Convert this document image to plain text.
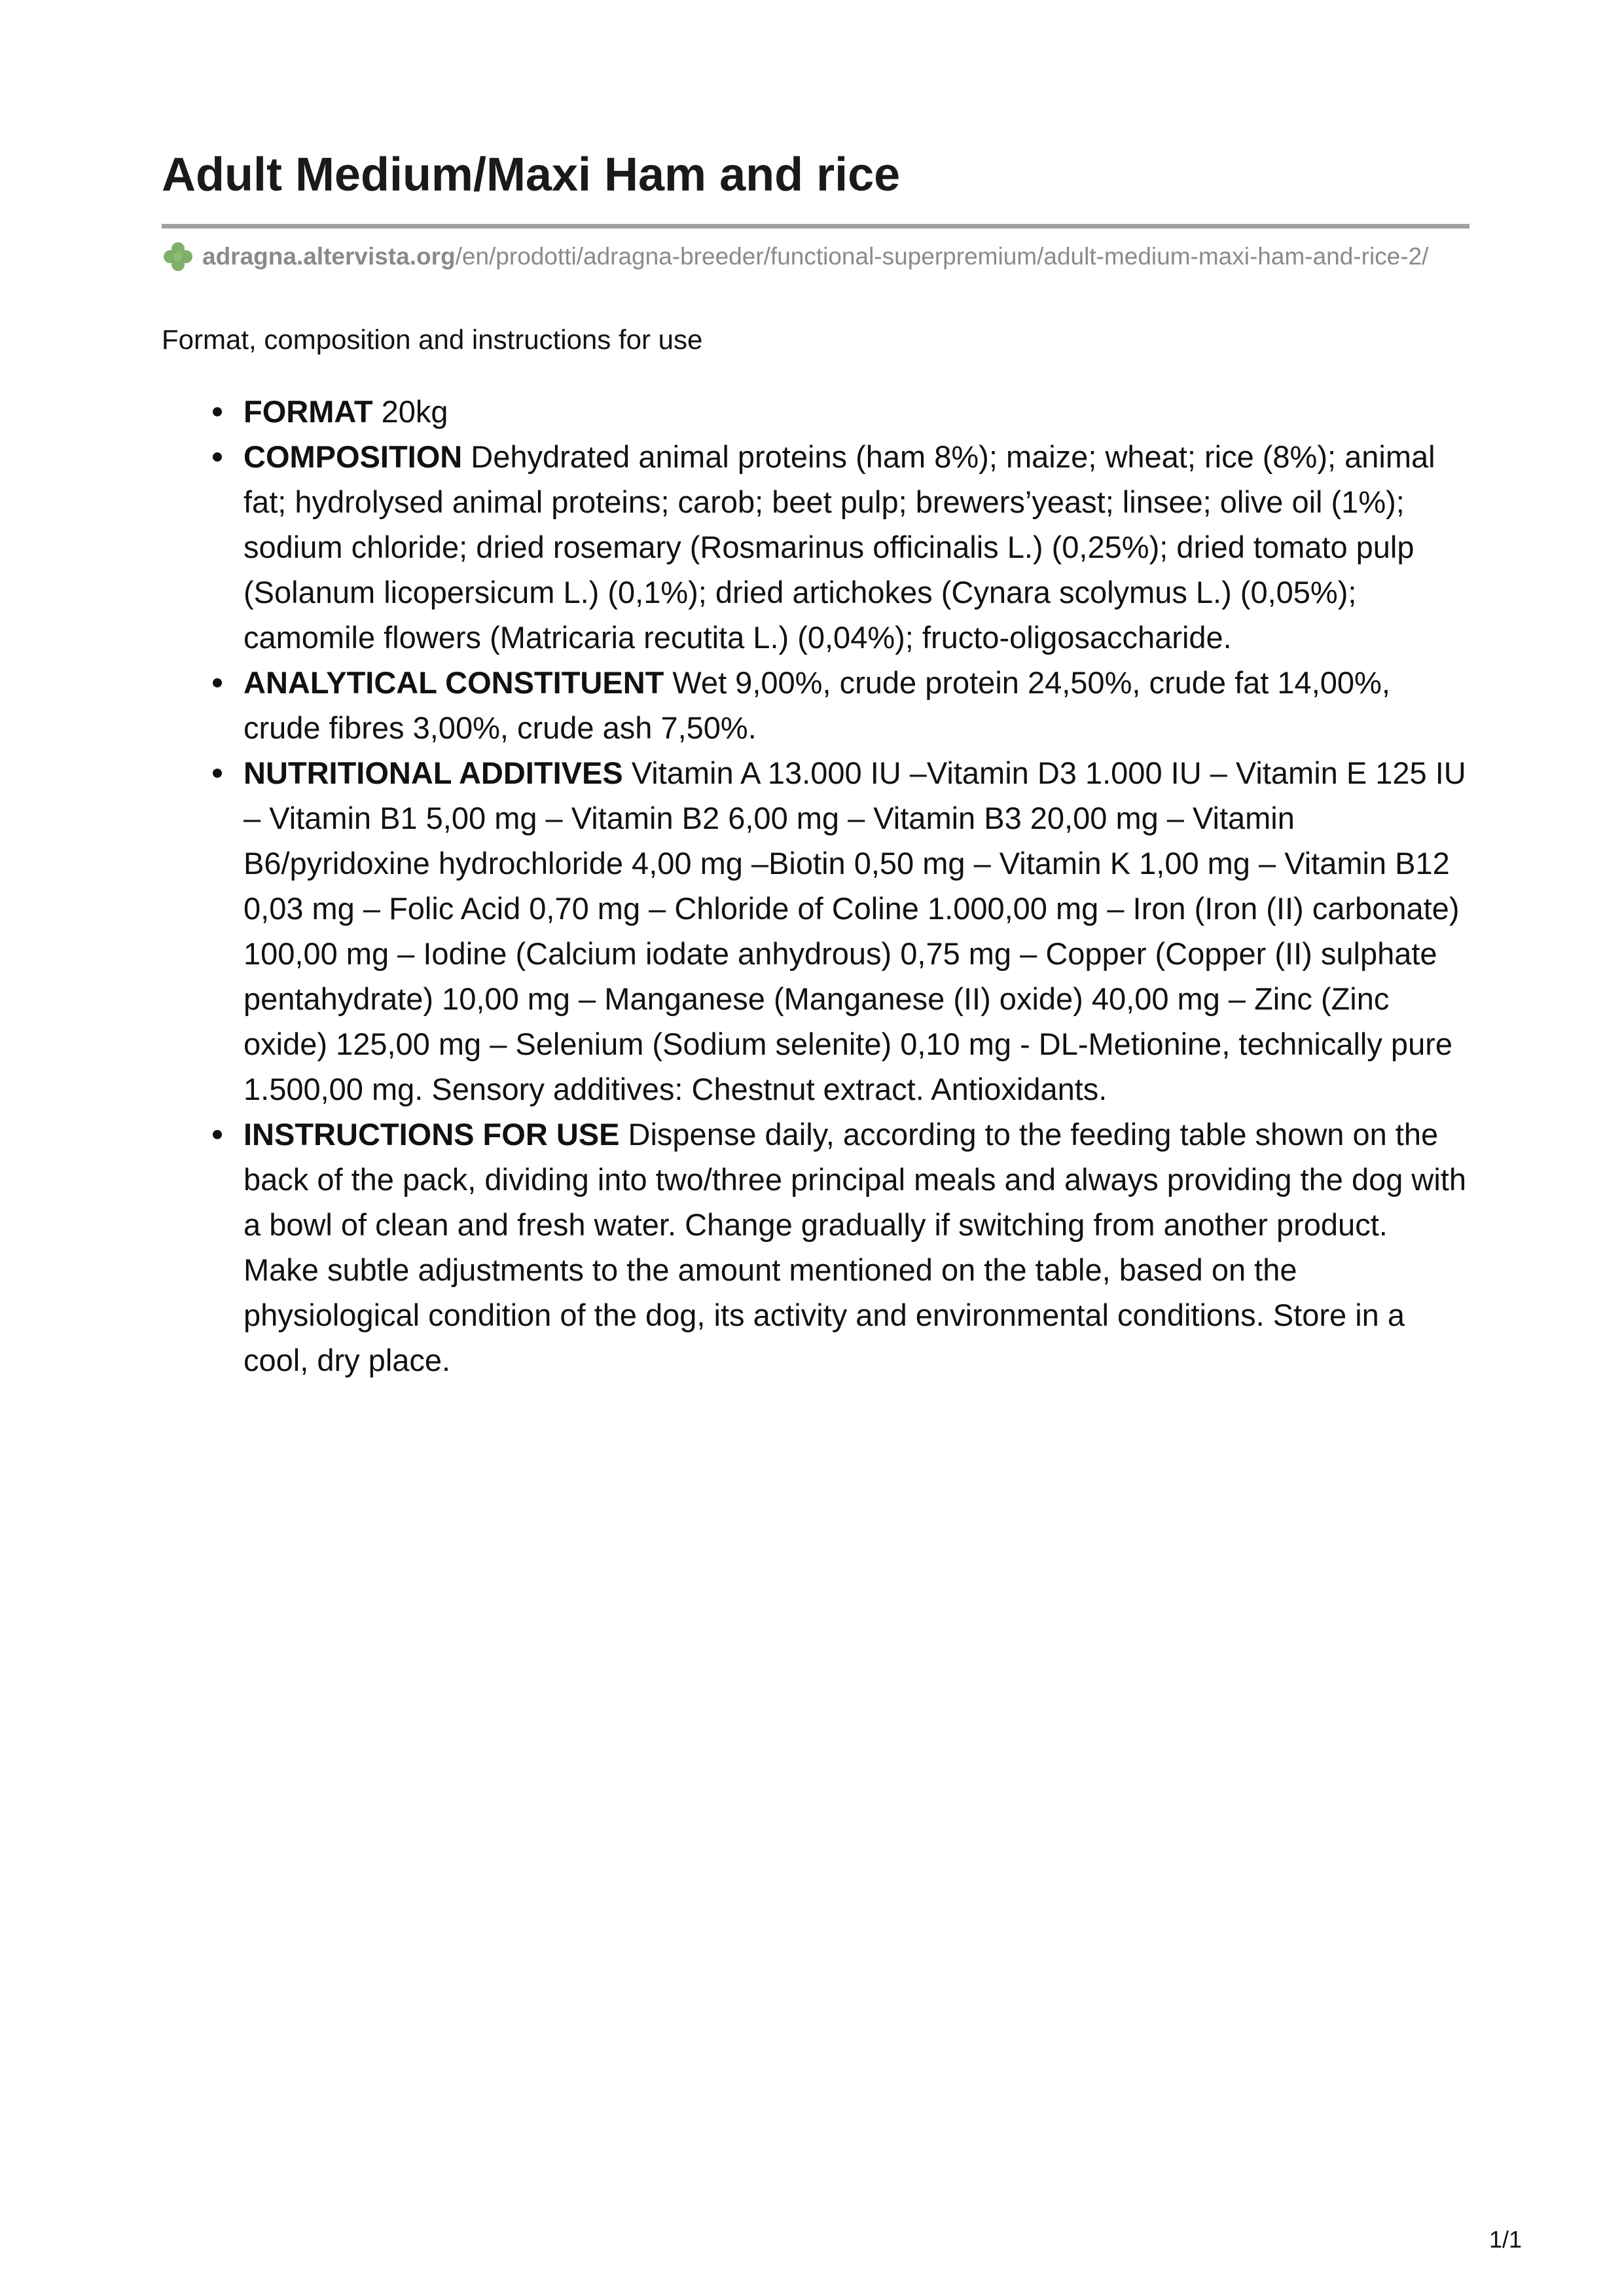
Adult Medium/Maxi Ham and rice
adragna.altervista.org /en/prodotti/adragna-breeder/functional-superpremium/adult-medium-maxi-ham-and-rice-2/

Format, composition and instructions for use

FORMAT 20kg
COMPOSITION Dehydrated animal proteins (ham 8%); maize; wheat; rice (8%); animal fat; hydrolysed animal proteins; carob; beet pulp; brewers’yeast; linsee; olive oil (1%); sodium chloride; dried rosemary (Rosmarinus officinalis L.) (0,25%); dried tomato pulp (Solanum licopersicum L.) (0,1%); dried artichokes (Cynara scolymus L.) (0,05%); camomile flowers (Matricaria recutita L.) (0,04%); fructo-oligosaccharide.
ANALYTICAL CONSTITUENT Wet 9,00%, crude protein 24,50%, crude fat 14,00%, crude fibres 3,00%, crude ash 7,50%.
NUTRITIONAL ADDITIVES Vitamin A 13.000 IU –Vitamin D3 1.000 IU – Vitamin E 125 IU – Vitamin B1 5,00 mg – Vitamin B2 6,00 mg – Vitamin B3 20,00 mg – Vitamin B6/pyridoxine hydrochloride 4,00 mg –Biotin 0,50 mg – Vitamin K 1,00 mg – Vitamin B12 0,03 mg – Folic Acid 0,70 mg – Chloride of Coline 1.000,00 mg – Iron (Iron (II) carbonate) 100,00 mg – Iodine (Calcium iodate anhydrous) 0,75 mg – Copper (Copper (II) sulphate pentahydrate) 10,00 mg – Manganese (Manganese (II) oxide) 40,00 mg – Zinc (Zinc oxide) 125,00 mg – Selenium (Sodium selenite) 0,10 mg - DL-Metionine, technically pure 1.500,00 mg. Sensory additives: Chestnut extract. Antioxidants.
INSTRUCTIONS FOR USE Dispense daily, according to the feeding table shown on the back of the pack, dividing into two/three principal meals and always providing the dog with a bowl of clean and fresh water. Change gradually if switching from another product. Make subtle adjustments to the amount mentioned on the table, based on the physiological condition of the dog, its activity and environmental conditions. Store in a cool, dry place.
1/1
